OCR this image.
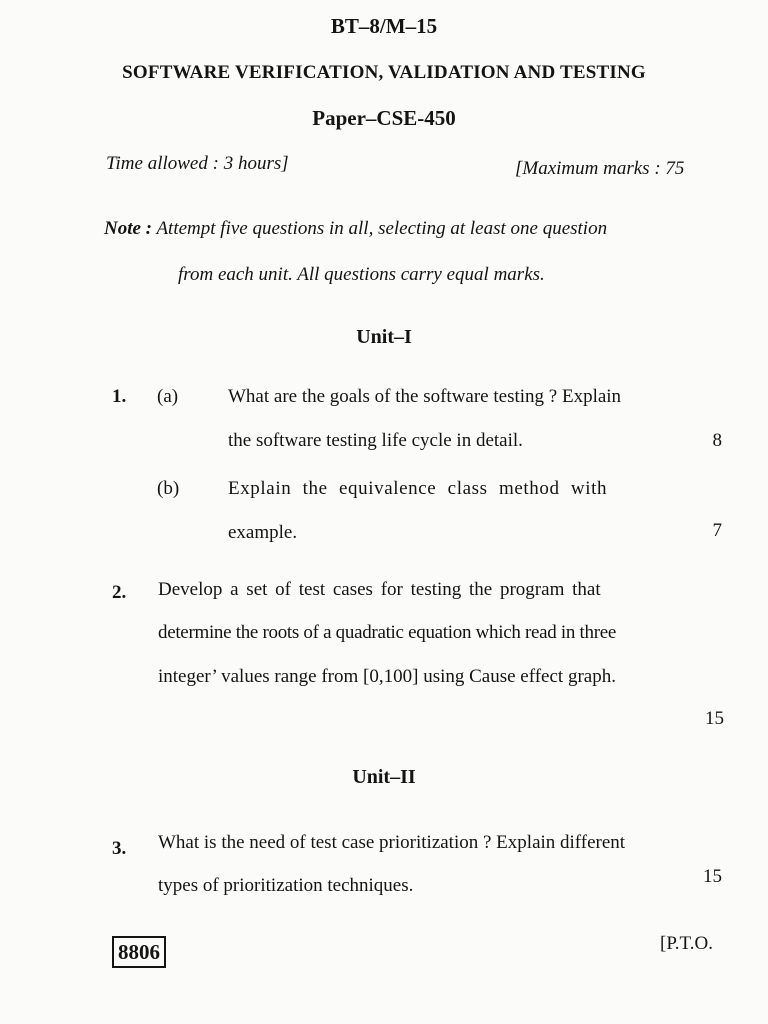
BT–8/M–15
SOFTWARE VERIFICATION, VALIDATION AND TESTING
Paper–CSE-450
Time allowed : 3 hours]	[Maximum marks : 75
Note : Attempt five questions in all, selecting at least one question
from each unit. All questions carry equal marks.
Unit–I
1. (a)	What are the goals of the software testing ? Explain
the software testing life cycle in detail.	8
(b)	Explain the equivalence class method with
example.	7
2. Develop a set of test cases for testing the program that
determine the roots of a quadratic equation which read in three
integer’ values range from [0,100] using Cause effect graph.
15
Unit–II
3. What is the need of test case prioritization ? Explain different
types of prioritization techniques.	15
8806	[P.T.O.
